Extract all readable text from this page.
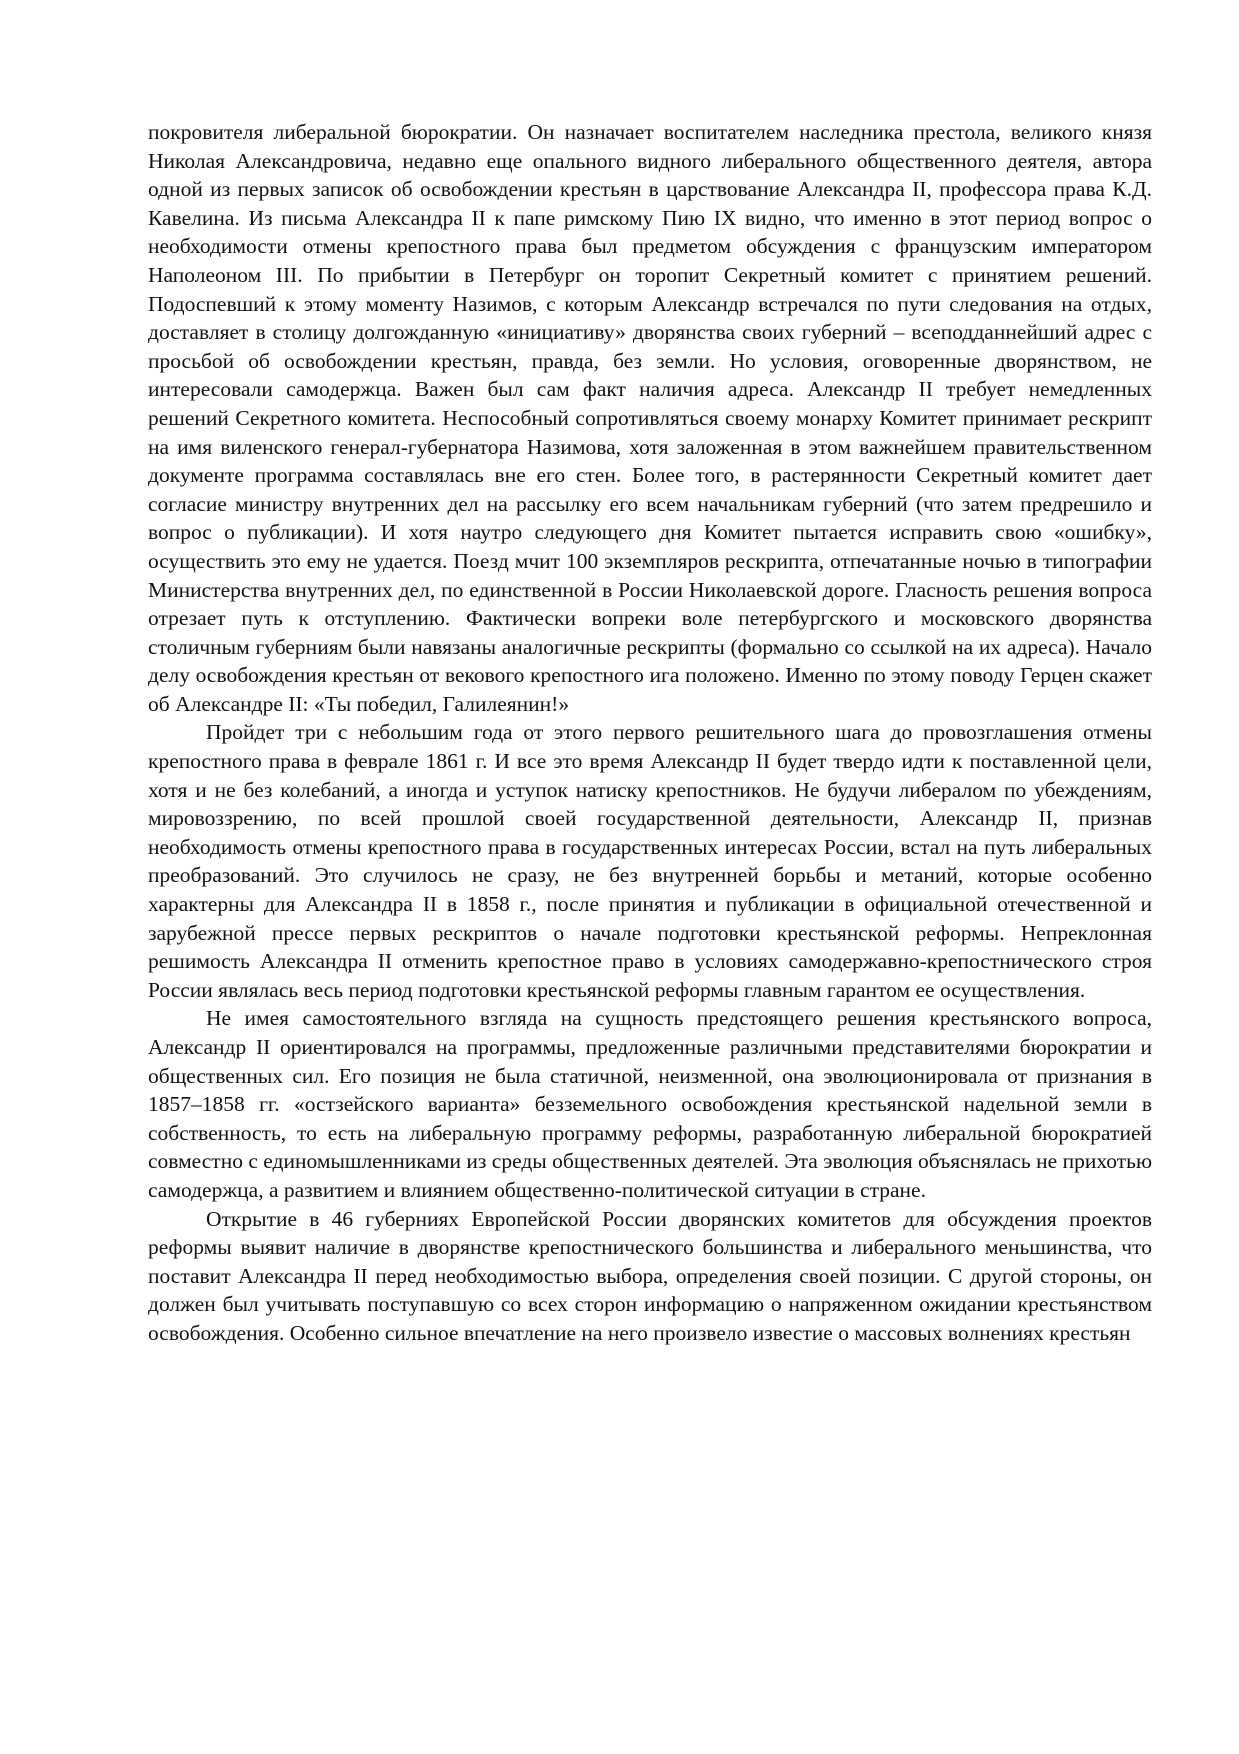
покровителя либеральной бюрократии. Он назначает воспитателем наследника престола, великого князя Николая Александровича, недавно еще опального видного либерального общественного деятеля, автора одной из первых записок об освобождении крестьян в царствование Александра II, профессора права К.Д. Кавелина. Из письма Александра II к папе римскому Пию IX видно, что именно в этот период вопрос о необходимости отмены крепостного права был предметом обсуждения с французским императором Наполеоном III. По прибытии в Петербург он торопит Секретный комитет с принятием решений. Подоспевший к этому моменту Назимов, с которым Александр встречался по пути следования на отдых, доставляет в столицу долгожданную «инициативу» дворянства своих губерний – всеподданнейший адрес с просьбой об освобождении крестьян, правда, без земли. Но условия, оговоренные дворянством, не интересовали самодержца. Важен был сам факт наличия адреса. Александр II требует немедленных решений Секретного комитета. Неспособный сопротивляться своему монарху Комитет принимает рескрипт на имя виленского генерал-губернатора Назимова, хотя заложенная в этом важнейшем правительственном документе программа составлялась вне его стен. Более того, в растерянности Секретный комитет дает согласие министру внутренних дел на рассылку его всем начальникам губерний (что затем предрешило и вопрос о публикации). И хотя наутро следующего дня Комитет пытается исправить свою «ошибку», осуществить это ему не удается. Поезд мчит 100 экземпляров рескрипта, отпечатанные ночью в типографии Министерства внутренних дел, по единственной в России Николаевской дороге. Гласность решения вопроса отрезает путь к отступлению. Фактически вопреки воле петербургского и московского дворянства столичным губерниям были навязаны аналогичные рескрипты (формально со ссылкой на их адреса). Начало делу освобождения крестьян от векового крепостного ига положено. Именно по этому поводу Герцен скажет об Александре II: «Ты победил, Галилеянин!»

Пройдет три с небольшим года от этого первого решительного шага до провозглашения отмены крепостного права в феврале 1861 г. И все это время Александр II будет твердо идти к поставленной цели, хотя и не без колебаний, а иногда и уступок натиску крепостников. Не будучи либералом по убеждениям, мировоззрению, по всей прошлой своей государственной деятельности, Александр II, признав необходимость отмены крепостного права в государственных интересах России, встал на путь либеральных преобразований. Это случилось не сразу, не без внутренней борьбы и метаний, которые особенно характерны для Александра II в 1858 г., после принятия и публикации в официальной отечественной и зарубежной прессе первых рескриптов о начале подготовки крестьянской реформы. Непреклонная решимость Александра II отменить крепостное право в условиях самодержавно-крепостнического строя России являлась весь период подготовки крестьянской реформы главным гарантом ее осуществления.

Не имея самостоятельного взгляда на сущность предстоящего решения крестьянского вопроса, Александр II ориентировался на программы, предложенные различными представителями бюрократии и общественных сил. Его позиция не была статичной, неизменной, она эволюционировала от признания в 1857–1858 гг. «остзейского варианта» безземельного освобождения крестьянской надельной земли в собственность, то есть на либеральную программу реформы, разработанную либеральной бюрократией совместно с единомышленниками из среды общественных деятелей. Эта эволюция объяснялась не прихотью самодержца, а развитием и влиянием общественно-политической ситуации в стране.

Открытие в 46 губерниях Европейской России дворянских комитетов для обсуждения проектов реформы выявит наличие в дворянстве крепостнического большинства и либерального меньшинства, что поставит Александра II перед необходимостью выбора, определения своей позиции. С другой стороны, он должен был учитывать поступавшую со всех сторон информацию о напряженном ожидании крестьянством освобождения. Особенно сильное впечатление на него произвело известие о массовых волнениях крестьян
